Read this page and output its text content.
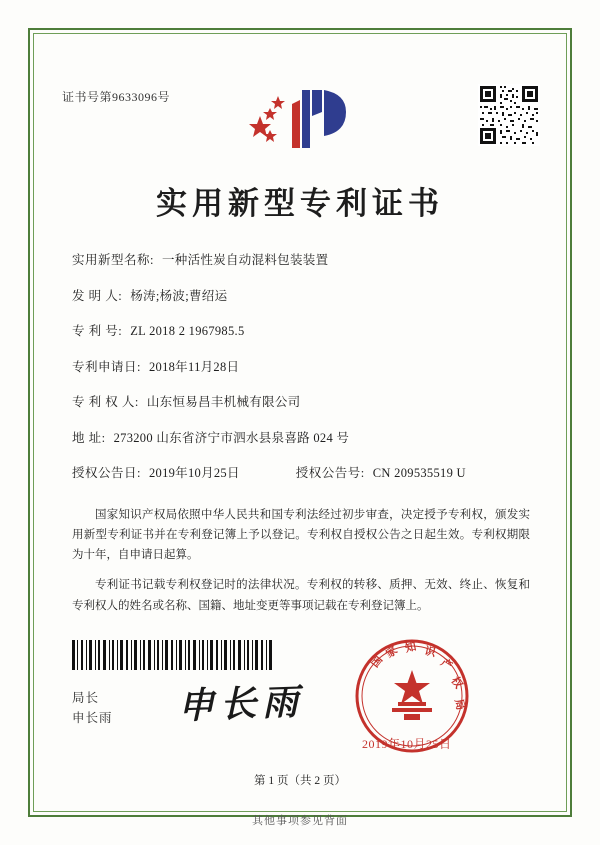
证书号第9633096号
实用新型专利证书
实用新型名称: 一种活性炭自动混料包装装置
发 明 人: 杨涛;杨波;曹绍运
专 利 号: ZL 2018 2 1967985.5
专利申请日: 2018年11月28日
专 利 权 人: 山东恒易昌丰机械有限公司
地 址: 273200 山东省济宁市泗水县泉喜路 024 号
授权公告日: 2019年10月25日	授权公告号: CN 209535519 U

国家知识产权局依照中华人民共和国专利法经过初步审查，决定授予专利权，颁发实用新型专利证书并在专利登记簿上予以登记。专利权自授权公告之日起生效。专利权期限为十年，自申请日起算。

专利证书记载专利权登记时的法律状况。专利权的转移、质押、无效、终止、恢复和专利权人的姓名或名称、国籍、地址变更等事项记载在专利登记簿上。

局长
申长雨 申长雨
国
家 知 识
产
权
局
2019年10月25日
第 1 页（共 2 页）
其他事项参见背面
